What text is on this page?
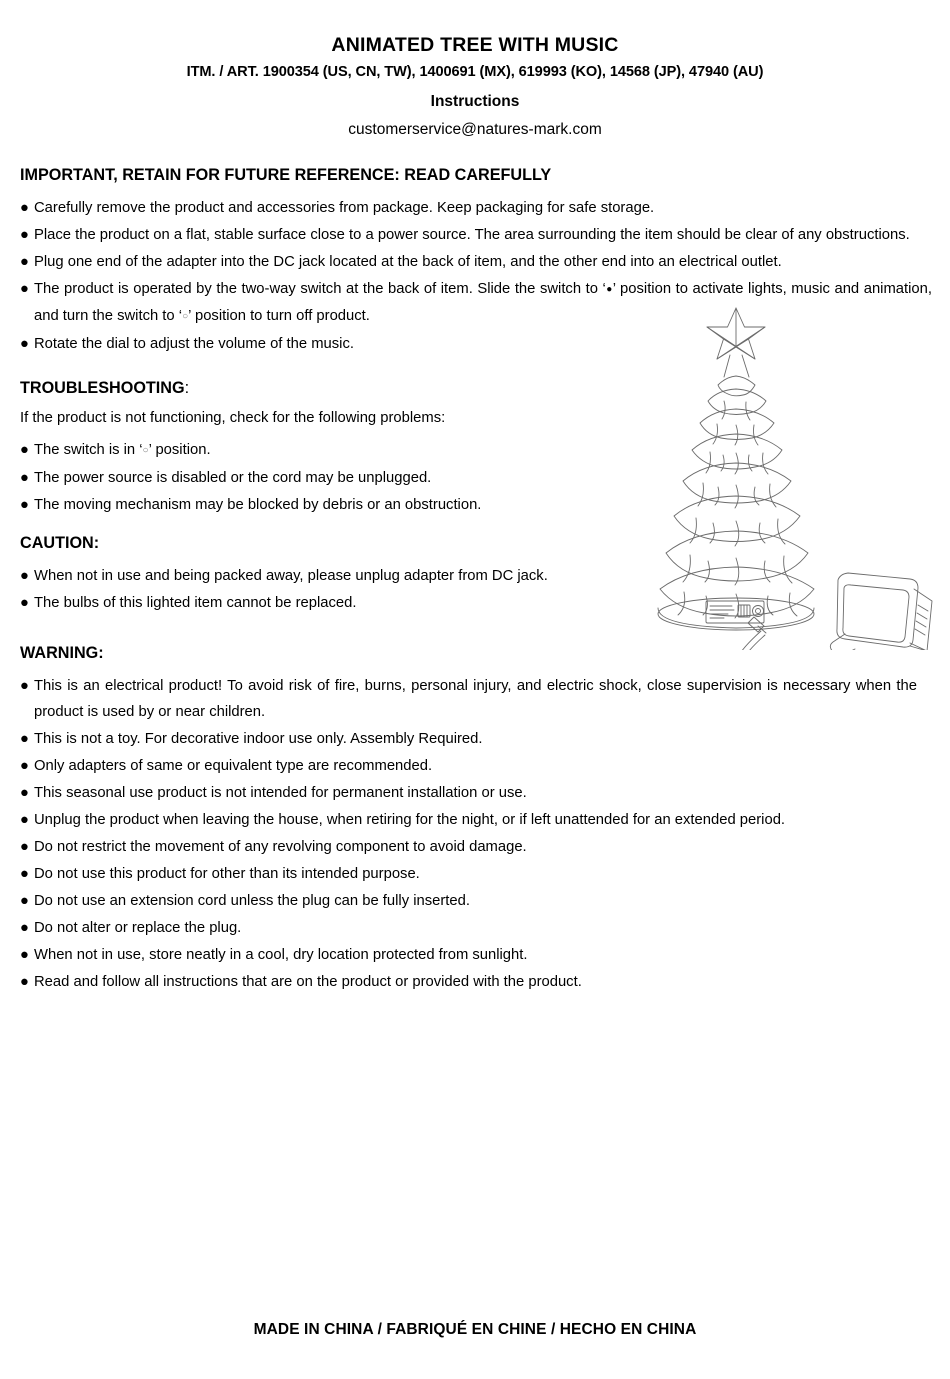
ANIMATED TREE WITH MUSIC
ITM. / ART. 1900354 (US, CN, TW), 1400691 (MX), 619993 (KO), 14568 (JP), 47940 (AU)
Instructions
customerservice@natures-mark.com
IMPORTANT, RETAIN FOR FUTURE REFERENCE: READ CAREFULLY
● Carefully remove the product and accessories from package. Keep packaging for safe storage.
● Place the product on a flat, stable surface close to a power source. The area surrounding the item should be clear of any obstructions.
● Plug one end of the adapter into the DC jack located at the back of item, and the other end into an electrical outlet.
● The product is operated by the two-way switch at the back of item. Slide the switch to ‘●’ position to activate lights, music and animation, and turn the switch to ‘○’ position to turn off product.
● Rotate the dial to adjust the volume of the music.
TROUBLESHOOTING:
If the product is not functioning, check for the following problems:
● The switch is in ‘○’ position.
● The power source is disabled or the cord may be unplugged.
● The moving mechanism may be blocked by debris or an obstruction.
CAUTION:
● When not in use and being packed away, please unplug adapter from DC jack.
● The bulbs of this lighted item cannot be replaced.
WARNING:
● This is an electrical product! To avoid risk of fire, burns, personal injury, and electric shock, close supervision is necessary when the product is used by or near children.
● This is not a toy. For decorative indoor use only. Assembly Required.
● Only adapters of same or equivalent type are recommended.
● This seasonal use product is not intended for permanent installation or use.
● Unplug the product when leaving the house, when retiring for the night, or if left unattended for an extended period.
● Do not restrict the movement of any revolving component to avoid damage.
● Do not use this product for other than its intended purpose.
● Do not use an extension cord unless the plug can be fully inserted.
● Do not alter or replace the plug.
● When not in use, store neatly in a cool, dry location protected from sunlight.
● Read and follow all instructions that are on the product or provided with the product.
MADE IN CHINA / FABRIQUÉ EN CHINE / HECHO EN CHINA
